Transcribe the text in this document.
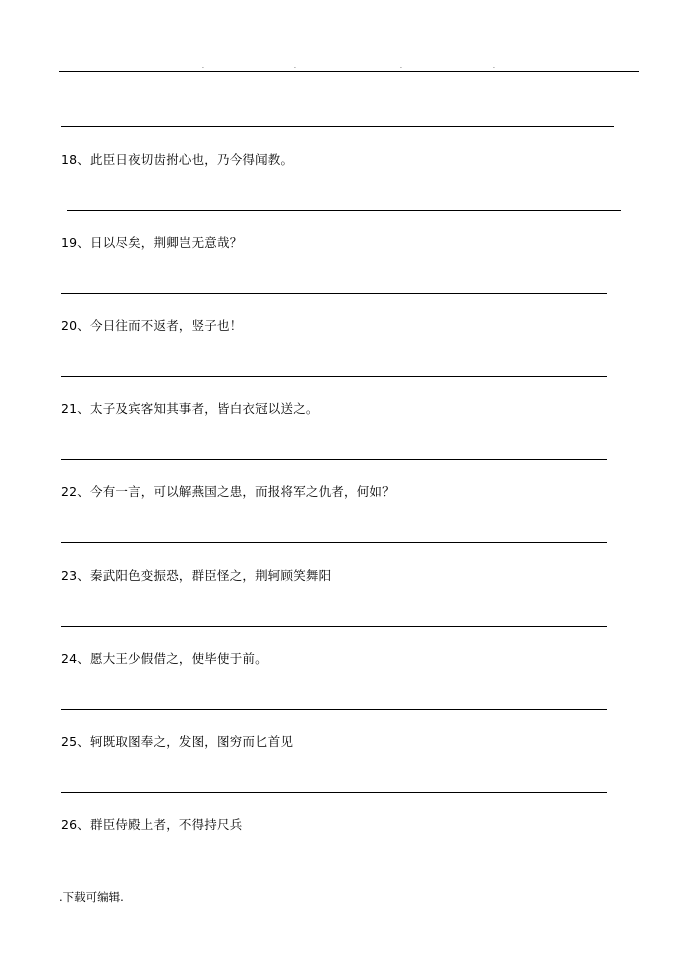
.	.	.	.
18、此臣日夜切齿拊心也，乃今得闻教。
19、日以尽矣，荆卿岂无意哉？
20、今日往而不返者，竖子也！
21、太子及宾客知其事者，皆白衣冠以送之。
22、今有一言，可以解燕国之患，而报将军之仇者，何如？
23、秦武阳色变振恐，群臣怪之，荆轲顾笑舞阳
24、愿大王少假借之，使毕使于前。
25、轲既取图奉之，发图，图穷而匕首见
26、群臣侍殿上者，不得持尺兵
.下载可编辑.
